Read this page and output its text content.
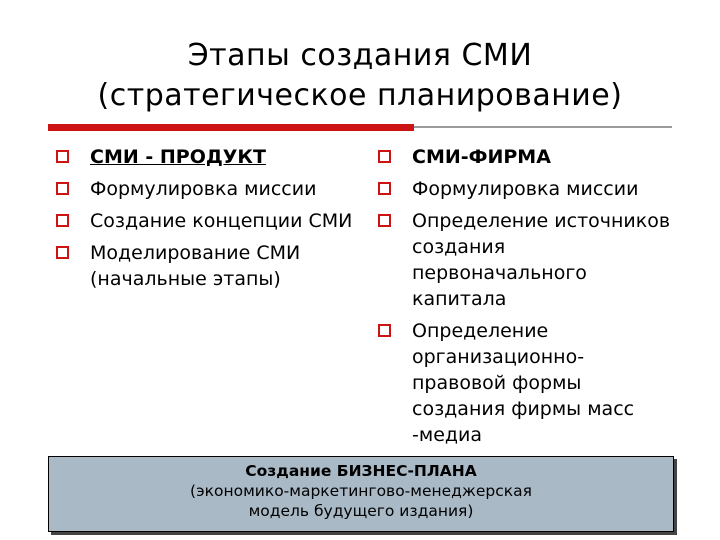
Этапы создания СМИ
(стратегическое планирование)
СМИ - ПРОДУКТ
Формулировка миссии
Создание концепции СМИ
Моделирование СМИ (начальные этапы)
СМИ-ФИРМА
Формулировка миссии
Определение источников создания первоначального капитала
Определение организационно-правовой формы создания фирмы масс -медиа
Создание БИЗНЕС-ПЛАНА
(экономико-маркетингово-менеджерская
модель будущего издания)
